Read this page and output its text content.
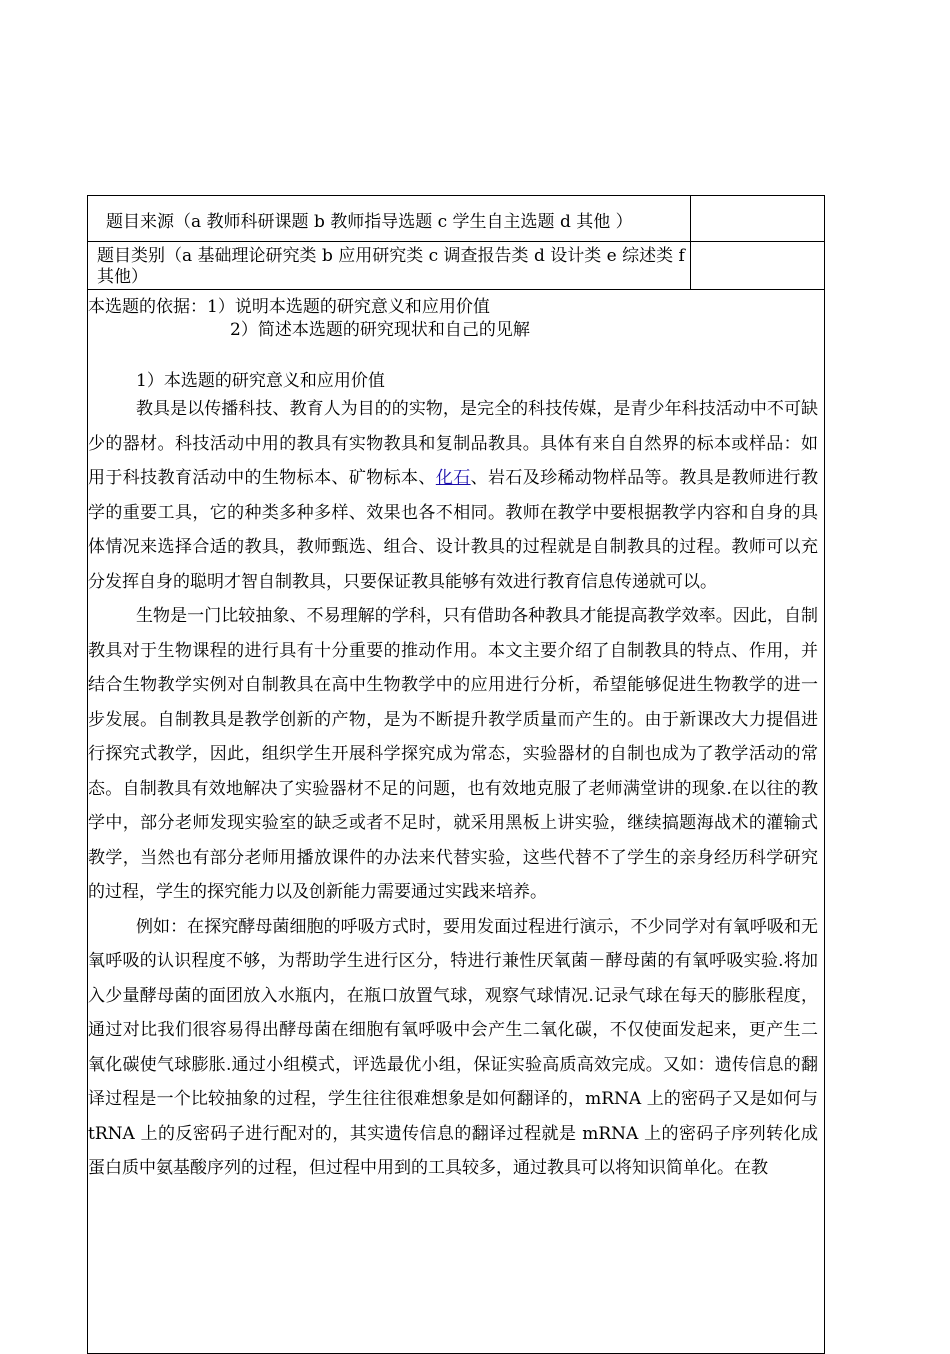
题目来源（a 教师科研课题 b 教师指导选题 c 学生自主选题 d 其他 ）
题目类别（a 基础理论研究类 b 应用研究类 c 调查报告类 d 设计类 e 综述类 f 其他）
本选题的依据：1）说明本选题的研究意义和应用价值
2）简述本选题的研究现状和自己的见解
1）本选题的研究意义和应用价值

教具是以传播科技、教育人为目的的实物，是完全的科技传媒，是青少年科技活动中不可缺少的器材。科技活动中用的教具有实物教具和复制品教具。具体有来自自然界的标本或样品：如用于科技教育活动中的生物标本、矿物标本、化石、岩石及珍稀动物样品等。教具是教师进行教学的重要工具，它的种类多种多样、效果也各不相同。教师在教学中要根据教学内容和自身的具体情况来选择合适的教具，教师甄选、组合、设计教具的过程就是自制教具的过程。教师可以充分发挥自身的聪明才智自制教具，只要保证教具能够有效进行教育信息传递就可以。

生物是一门比较抽象、不易理解的学科，只有借助各种教具才能提高教学效率。因此，自制教具对于生物课程的进行具有十分重要的推动作用。本文主要介绍了自制教具的特点、作用，并结合生物教学实例对自制教具在高中生物教学中的应用进行分析，希望能够促进生物教学的进一步发展。自制教具是教学创新的产物，是为不断提升教学质量而产生的。由于新课改大力提倡进行探究式教学，因此，组织学生开展科学探究成为常态，实验器材的自制也成为了教学活动的常态。自制教具有效地解决了实验器材不足的问题，也有效地克服了老师满堂讲的现象.在以往的教学中，部分老师发现实验室的缺乏或者不足时，就采用黑板上讲实验，继续搞题海战术的灌输式教学，当然也有部分老师用播放课件的办法来代替实验，这些代替不了学生的亲身经历科学研究的过程，学生的探究能力以及创新能力需要通过实践来培养。

例如：在探究酵母菌细胞的呼吸方式时，要用发面过程进行演示，不少同学对有氧呼吸和无氧呼吸的认识程度不够，为帮助学生进行区分，特进行兼性厌氧菌－酵母菌的有氧呼吸实验.将加入少量酵母菌的面团放入水瓶内，在瓶口放置气球，观察气球情况.记录气球在每天的膨胀程度，通过对比我们很容易得出酵母菌在细胞有氧呼吸中会产生二氧化碳，不仅使面发起来，更产生二氧化碳使气球膨胀.通过小组模式，评选最优小组，保证实验高质高效完成。又如：遗传信息的翻译过程是一个比较抽象的过程，学生往往很难想象是如何翻译的，mRNA 上的密码子又是如何与 tRNA 上的反密码子进行配对的，其实遗传信息的翻译过程就是 mRNA 上的密码子序列转化成蛋白质中氨基酸序列的过程，但过程中用到的工具较多，通过教具可以将知识简单化。在教
